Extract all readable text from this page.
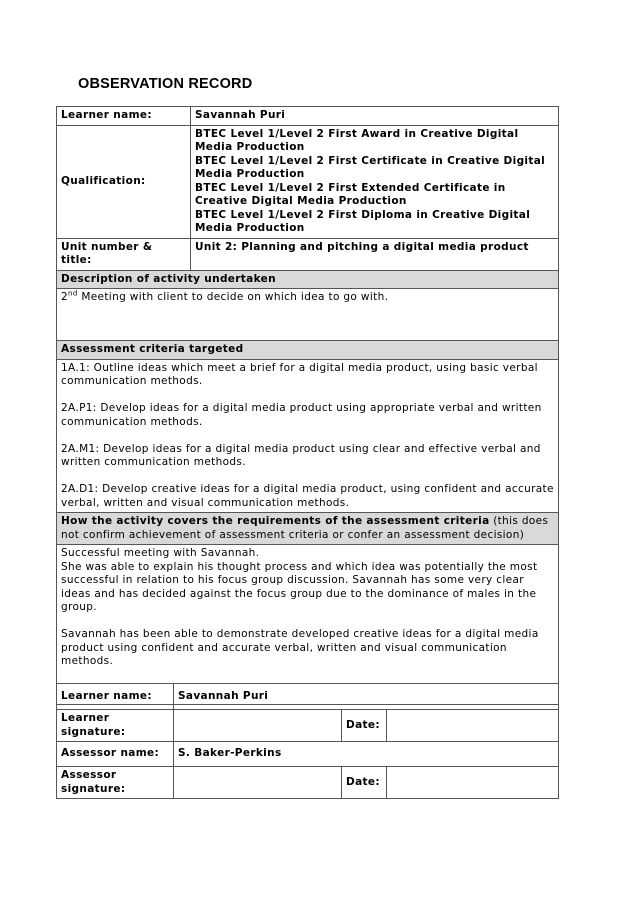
OBSERVATION RECORD
Learner name:	Savannah Puri
Qualification:	BTEC Level 1/Level 2 First Award in Creative Digital Media Production
BTEC Level 1/Level 2 First Certificate in Creative Digital Media Production
BTEC Level 1/Level 2 First Extended Certificate in Creative Digital Media Production
BTEC Level 1/Level 2 First Diploma in Creative Digital Media Production

Unit number & title:	Unit 2: Planning and pitching a digital media product
Description of activity undertaken	
2nd Meeting with client to decide on which idea to go with.	
Assessment criteria targeted	

1A.1: Outline ideas which meet a brief for a digital media product, using basic verbal communication methods.

2A.P1: Develop ideas for a digital media product using appropriate verbal and written communication methods.

2A.M1: Develop ideas for a digital media product using clear and effective verbal and written communication methods.

2A.D1: Develop creative ideas for a digital media product, using confident and accurate verbal, written and visual communication methods.	

How the activity covers the requirements of the assessment criteria (this does not confirm achievement of assessment criteria or confer an assessment decision)	

Successful meeting with Savannah.
She was able to explain his thought process and which idea was potentially the most successful in relation to his focus group discussion. Savannah has some very clear ideas and has decided against the focus group due to the dominance of males in the group.

Savannah has been able to demonstrate developed creative ideas for a digital media product using confident and accurate verbal, written and visual communication methods.	

Learner name:	Savannah Puri		
Learner signature:		Date:	
Assessor name:	S. Baker-Perkins		
Assessor signature:		Date:	
